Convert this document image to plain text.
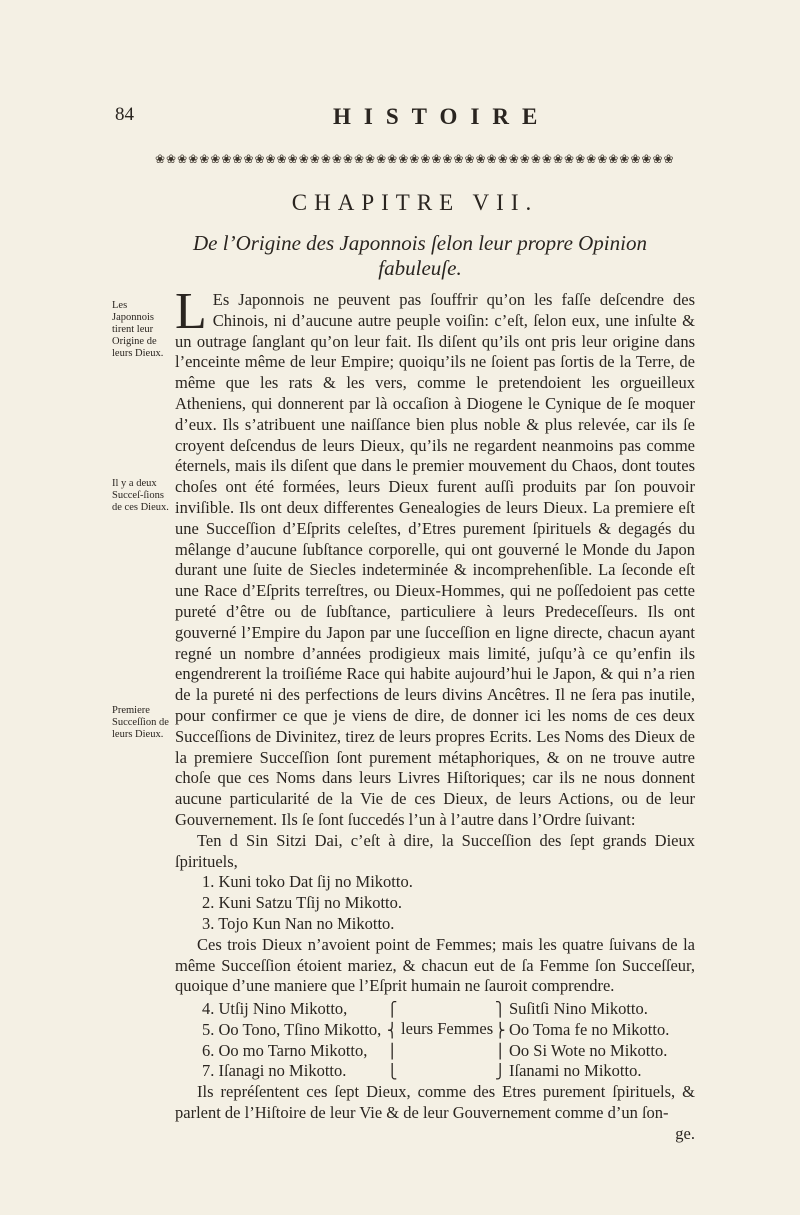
84	HISTOIRE
❀❀❀❀❀❀❀❀❀❀❀❀❀❀❀❀❀❀❀❀❀❀❀❀❀❀❀❀❀❀❀❀❀❀❀❀❀❀❀❀❀❀❀❀❀❀❀
CHAPITRE VII.
De l’Origine des Japonnois ſelon leur propre Opinion
fabuleuſe.
Les Japonnois tirent leur Origine de leurs Dieux.
Il y a deux Succeſ-ſions de ces Dieux.
Premiere Succeſſion de leurs Dieux.

L Es Japonnois ne peuvent pas ſouffrir qu’on les faſſe deſcendre des Chinois, ni d’aucune autre peuple voiſin: c’eſt, ſelon eux, une inſulte & un outrage ſanglant qu’on leur fait. Ils diſent qu’ils ont pris leur origine dans l’enceinte même de leur Empire; quoiqu’ils ne ſoient pas ſortis de la Terre, de même que les rats & les vers, comme le pretendoient les orgueilleux Atheniens, qui donnerent par là occaſion à Diogene le Cynique de ſe moquer d’eux. Ils s’atribuent une naiſſance bien plus noble & plus relevée, car ils ſe croyent deſcendus de leurs Dieux, qu’ils ne regardent neanmoins pas comme éternels, mais ils diſent que dans le premier mouvement du Chaos, dont toutes choſes ont été formées, leurs Dieux furent auſſi produits par ſon pouvoir inviſible. Ils ont deux differentes Genealogies de leurs Dieux. La premiere eſt une Succeſſion d’Eſprits celeſtes, d’Etres purement ſpirituels & degagés du mêlange d’aucune ſubſtance corporelle, qui ont gouverné le Monde du Japon durant une ſuite de Siecles indeterminée & incomprehenſible. La ſeconde eſt une Race d’Eſprits terreſtres, ou Dieux-Hommes, qui ne poſſedoient pas cette pureté d’être ou de ſubſtance, particuliere à leurs Predeceſſeurs. Ils ont gouverné l’Empire du Japon par une ſucceſſion en ligne directe, chacun ayant regné un nombre d’années prodigieux mais limité, juſqu’à ce qu’enfin ils engendrerent la troiſiéme Race qui habite aujourd’hui le Japon, & qui n’a rien de la pureté ni des perfections de leurs divins Ancêtres. Il ne ſera pas inutile, pour confirmer ce que je viens de dire, de donner ici les noms de ces deux Succeſſions de Divinitez, tirez de leurs propres Ecrits. Les Noms des Dieux de la premiere Succeſſion ſont purement métaphoriques, & on ne trouve autre choſe que ces Noms dans leurs Livres Hiſtoriques; car ils ne nous donnent aucune particularité de la Vie de ces Dieux, de leurs Actions, ou de leur Gouvernement. Ils ſe ſont ſuccedés l’un à l’autre dans l’Ordre ſuivant:

Ten d Sin Sitzi Dai, c’eſt à dire, la Succeſſion des ſept grands Dieux ſpirituels,

1. Kuni toko Dat ſij no Mikotto.

2. Kuni Satzu Tſij no Mikotto.

3. Tojo Kun Nan no Mikotto.

Ces trois Dieux n’avoient point de Femmes; mais les quatre ſuivans de la même Succeſſion étoient mariez, & chacun eut de ſa Femme ſon Succeſſeur, quoique d’une maniere que l’Eſprit humain ne ſauroit comprendre.

4. Utſij Nino Mikotto,
5. Oo Tono, Tſino Mikotto,
6. Oo mo Tarno Mikotto,
7. Iſanagi no Mikotto.
⎧
⎨
⎪
⎩
leurs Femmes
⎫
⎬
⎪
⎭
Suſitſi Nino Mikotto.
Oo Toma fe no Mikotto.
Oo Si Wote no Mikotto.
Iſanami no Mikotto.

Ils repréſentent ces ſept Dieux, comme des Etres purement ſpirituels, & parlent de l’Hiſtoire de leur Vie & de leur Gouvernement comme d’un ſon-

ge.
